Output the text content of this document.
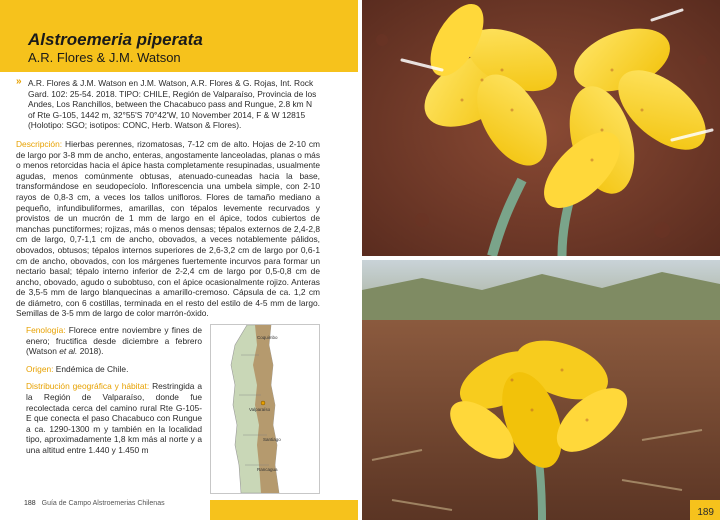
Alstroemeria piperata
A.R. Flores & J.M. Watson

» A.R. Flores & J.M. Watson en J.M. Watson, A.R. Flores & G. Rojas, Int. Rock Gard. 102: 25-54. 2018. TIPO: CHILE, Región de Valparaíso, Provincia de los Andes, Los Ranchillos, between the Chacabuco pass and Rungue, 2.8 km N of Rte G-105, 1442 m, 32°55'S 70°42'W, 10 November 2014, F & W 12815 (Holotipo: SGO; isotipos: CONC, Herb. Watson & Flores).

Descripción: Hierbas perennes, rizomatosas, 7-12 cm de alto. Hojas de 2-10 cm de largo por 3-8 mm de ancho, enteras, angostamente lanceoladas, planas o más o menos retorcidas hacia el ápice hasta completamente resupinadas, usualmente agudas, menos comúnmente obtusas, atenuado-cuneadas hacia la base, transformándose en seudopecíolo. Inflorescencia una umbela simple, con 2-10 rayos de 0,8-3 cm, a veces los tallos unifloros. Flores de tamaño mediano a pequeño, infundibuliformes, amarillas, con tépalos levemente recurvados y provistos de un mucrón de 1 mm de largo en el ápice, todos cubiertos de manchas punctiformes; rojizas, más o menos densas; tépalos externos de 2,4-2,8 cm de largo, 0,7-1,1 cm de ancho, obovados, a veces notablemente pálidos, obovados, obtusos; tépalos internos superiores de 2,6-3,2 cm de largo por 0,6-1 cm de ancho, obovados, con los márgenes fuertemente incurvos para formar un nectario basal; tépalo interno inferior de 2-2,4 cm de largo por 0,5-0,8 cm de ancho, obovado, agudo o subobtuso, con el ápice ocasionalmente rojizo. Anteras de 3,5-5 mm de largo blanquecinas a amarillo-cremoso. Cápsula de ca. 1,2 cm de diámetro, con 6 costillas, terminada en el resto del estilo de 4-5 mm de largo. Semillas de 3-5 mm de largo de color marrón-óxido.

Fenología: Florece entre noviembre y fines de enero; fructifica desde diciembre a febrero (Watson et al. 2018).

Origen: Endémica de Chile.

Distribución geográfica y hábitat: Restringida a la Región de Valparaíso, donde fue recolectada cerca del camino rural Rte G-105-E que conecta el paso Chacabuco con Rungue a ca. 1290-1300 m y también en la localidad tipo, aproximadamente 1,8 km más al norte y a una altitud entre 1.440 y 1.450 m

Coquimbo
Valparaíso
Santiago
Rancagua
188 Guía de Campo Alstroemerias Chilenas
189
